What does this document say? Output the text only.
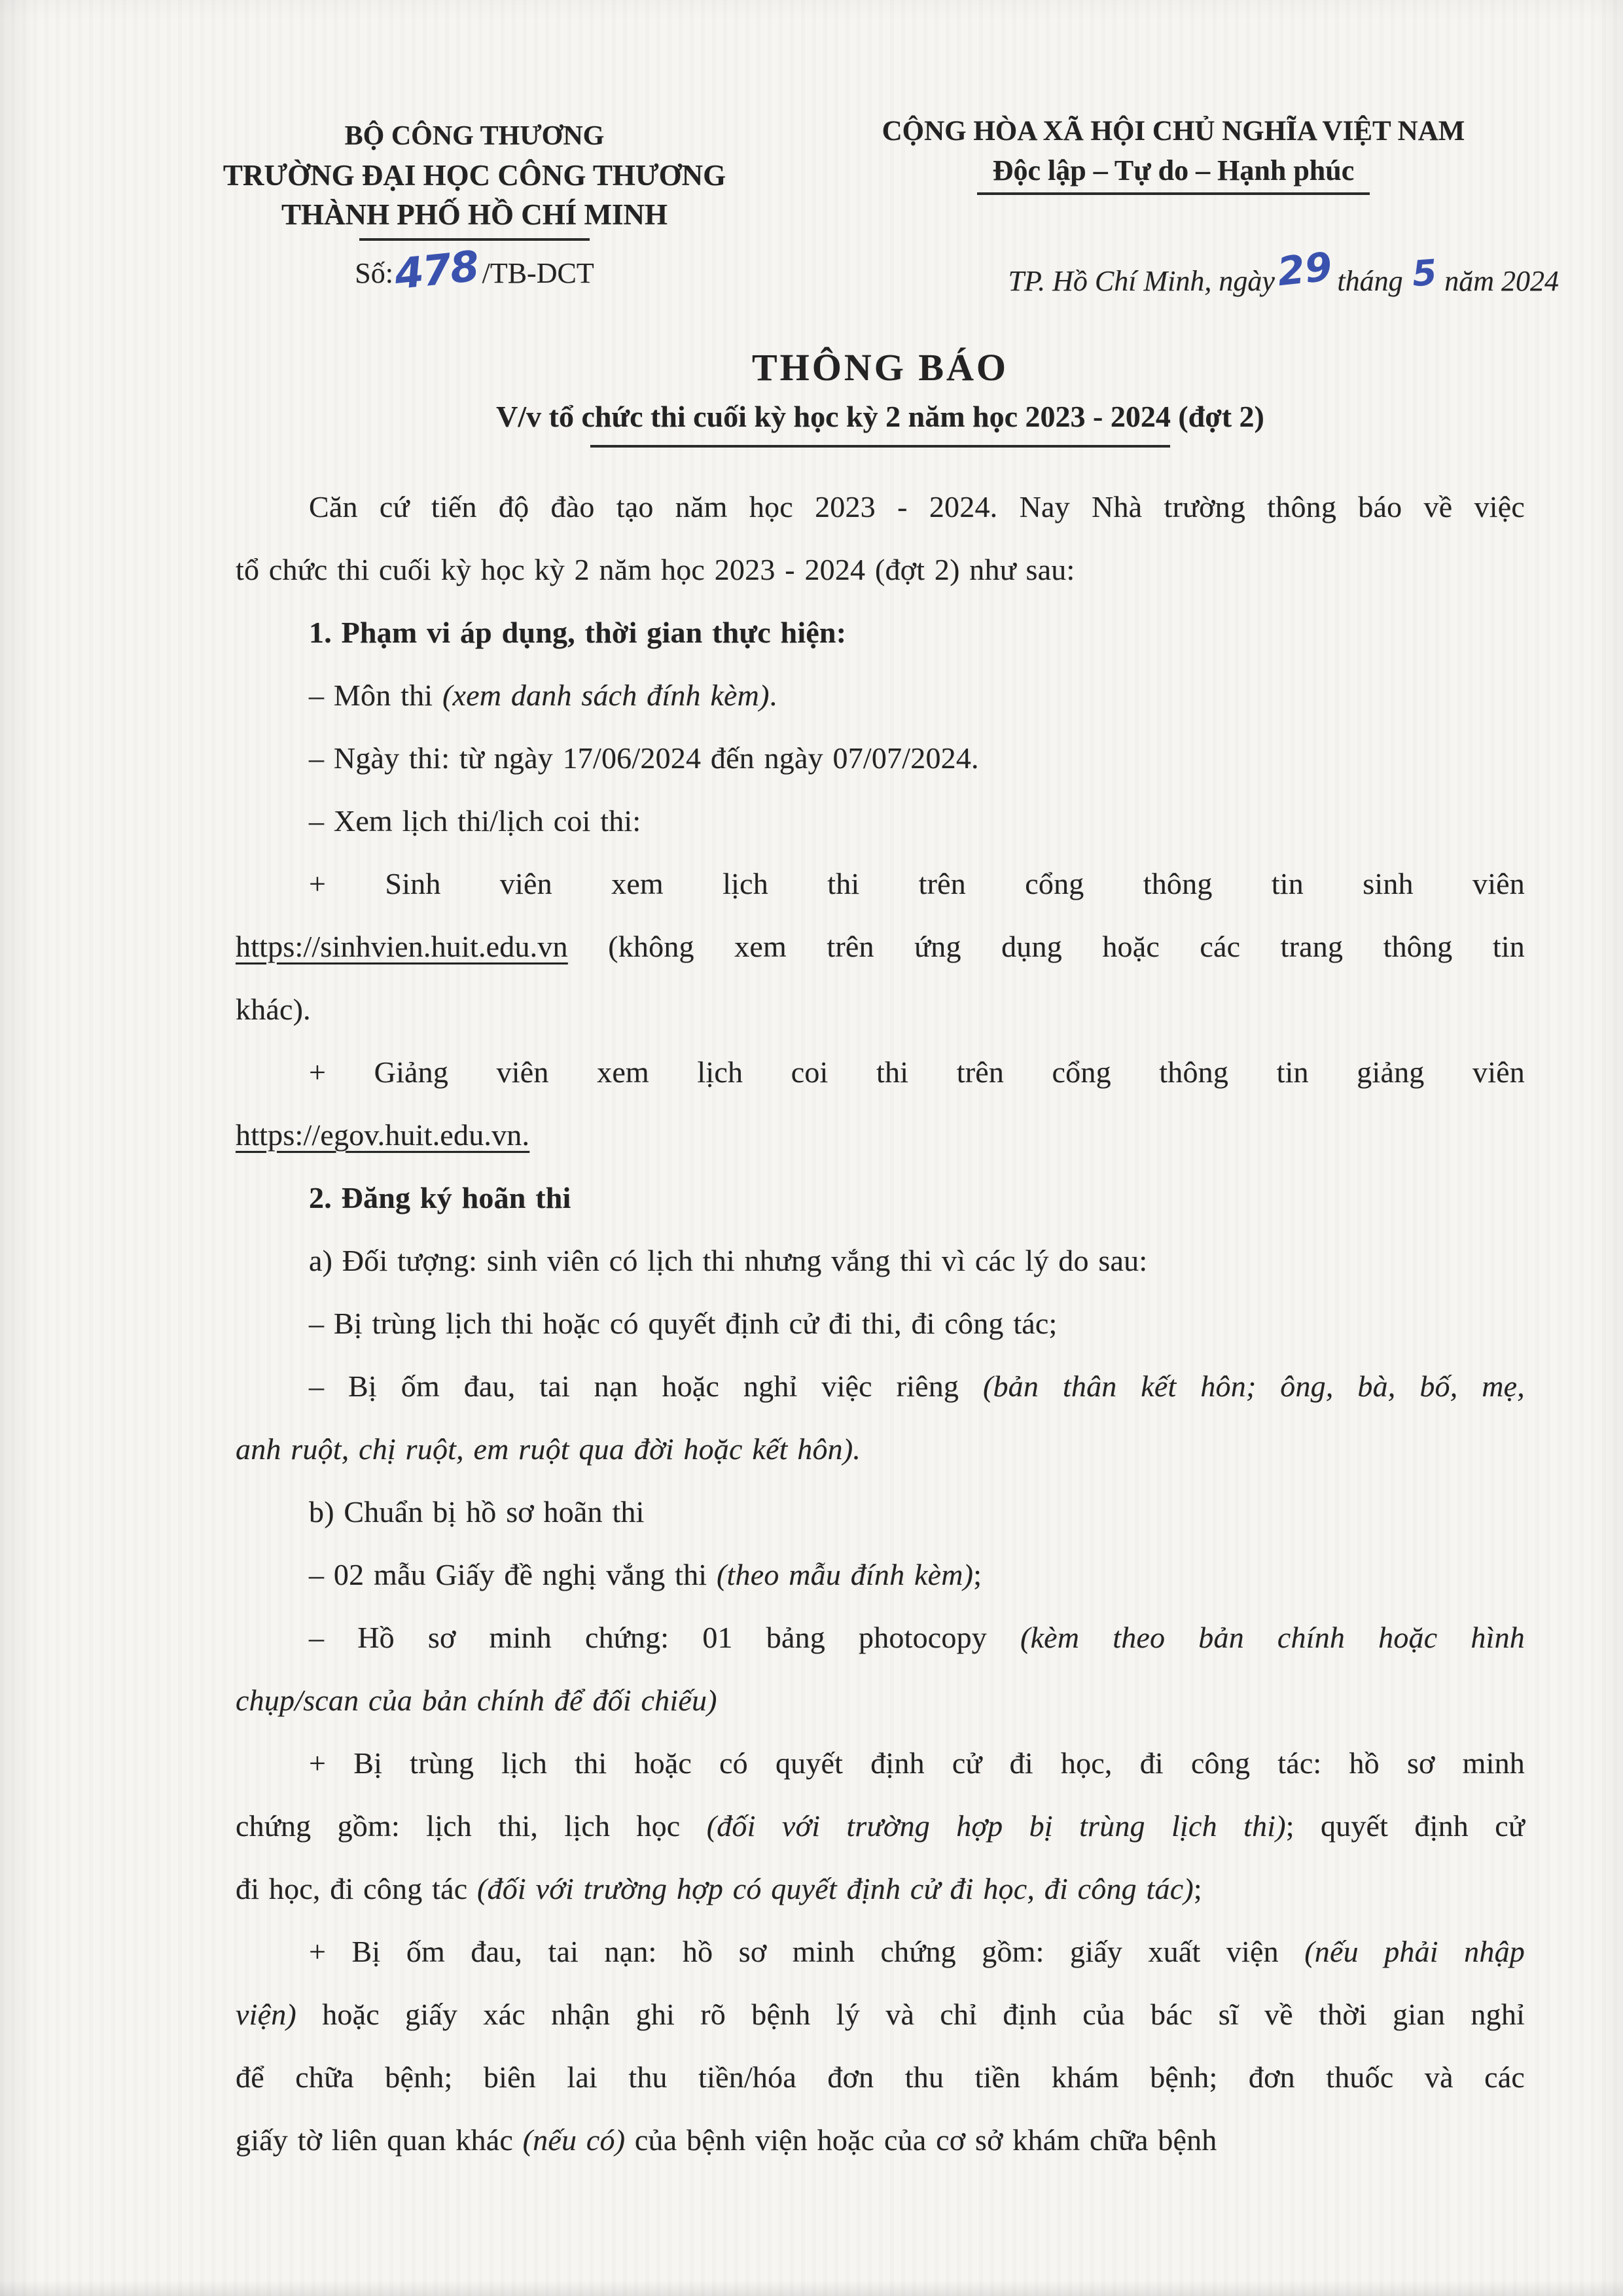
BỘ CÔNG THƯƠNG
TRƯỜNG ĐẠI HỌC CÔNG THƯƠNG
THÀNH PHỐ HỒ CHÍ MINH
Số:478/TB-DCT
CỘNG HÒA XÃ HỘI CHỦ NGHĨA VIỆT NAM
Độc lập – Tự do – Hạnh phúc
TP. Hồ Chí Minh, ngày29 tháng 5 năm 2024
THÔNG BÁO
V/v tổ chức thi cuối kỳ học kỳ 2 năm học 2023 - 2024 (đợt 2)
Căn cứ tiến độ đào tạo năm học 2023 - 2024. Nay Nhà trường thông báo về việc
tổ chức thi cuối kỳ học kỳ 2 năm học 2023 - 2024 (đợt 2) như sau:
1. Phạm vi áp dụng, thời gian thực hiện:
– Môn thi (xem danh sách đính kèm).
– Ngày thi: từ ngày 17/06/2024 đến ngày 07/07/2024.
– Xem lịch thi/lịch coi thi:
+ Sinh viên xem lịch thi trên cổng thông tin sinh viên
https://sinhvien.huit.edu.vn (không xem trên ứng dụng hoặc các trang thông tin
khác).
+ Giảng viên xem lịch coi thi trên cổng thông tin giảng viên
https://egov.huit.edu.vn.
2. Đăng ký hoãn thi
a) Đối tượng: sinh viên có lịch thi nhưng vắng thi vì các lý do sau:
– Bị trùng lịch thi hoặc có quyết định cử đi thi, đi công tác;
– Bị ốm đau, tai nạn hoặc nghỉ việc riêng (bản thân kết hôn; ông, bà, bố, mẹ,
anh ruột, chị ruột, em ruột qua đời hoặc kết hôn).
b) Chuẩn bị hồ sơ hoãn thi
– 02 mẫu Giấy đề nghị vắng thi (theo mẫu đính kèm);
– Hồ sơ minh chứng: 01 bảng photocopy (kèm theo bản chính hoặc hình
chụp/scan của bản chính để đối chiếu)
+ Bị trùng lịch thi hoặc có quyết định cử đi học, đi công tác: hồ sơ minh
chứng gồm: lịch thi, lịch học (đối với trường hợp bị trùng lịch thi); quyết định cử
đi học, đi công tác (đối với trường hợp có quyết định cử đi học, đi công tác);
+ Bị ốm đau, tai nạn: hồ sơ minh chứng gồm: giấy xuất viện (nếu phải nhập
viện) hoặc giấy xác nhận ghi rõ bệnh lý và chỉ định của bác sĩ về thời gian nghỉ
để chữa bệnh; biên lai thu tiền/hóa đơn thu tiền khám bệnh; đơn thuốc và các
giấy tờ liên quan khác (nếu có) của bệnh viện hoặc của cơ sở khám chữa bệnh
